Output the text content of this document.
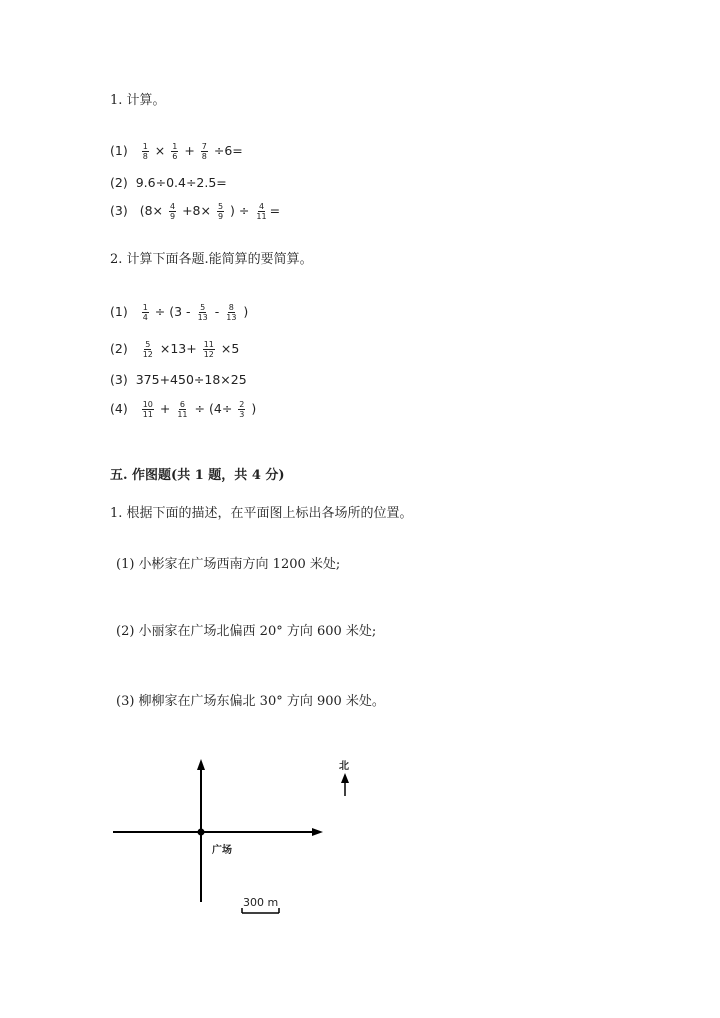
1. 计算。
$(1) \frac{1}{8} \times \frac{1}{6} + \frac{7}{8} \div 6=$
(2) 9.6÷0.4÷2.5=
(3) ($8\times \frac{4}{9} +8\times \frac{5}{9}$ ) ÷ $\frac{4}{11}$ =
2. 计算下面各题.能简算的要简算。
$(1) \frac{1}{4} \div (3 - \frac{5}{13} - \frac{8}{13}$ )
$(2) \frac{5}{12} \times 13+ \frac{11}{12} \times 5$
(3) 375+450÷18×25
$(4) \frac{10}{11} + \frac{6}{11} \div (4\div \frac{2}{3}$ )
五. 作图题(共 1 题，共 4 分)
1. 根据下面的描述，在平面图上标出各场所的位置。
(1) 小彬家在广场西南方向 1200 米处;
(2) 小丽家在广场北偏西 20° 方向 600 米处;
(3) 柳柳家在广场东偏北 30° 方向 900 米处。
北
广场
300 m
